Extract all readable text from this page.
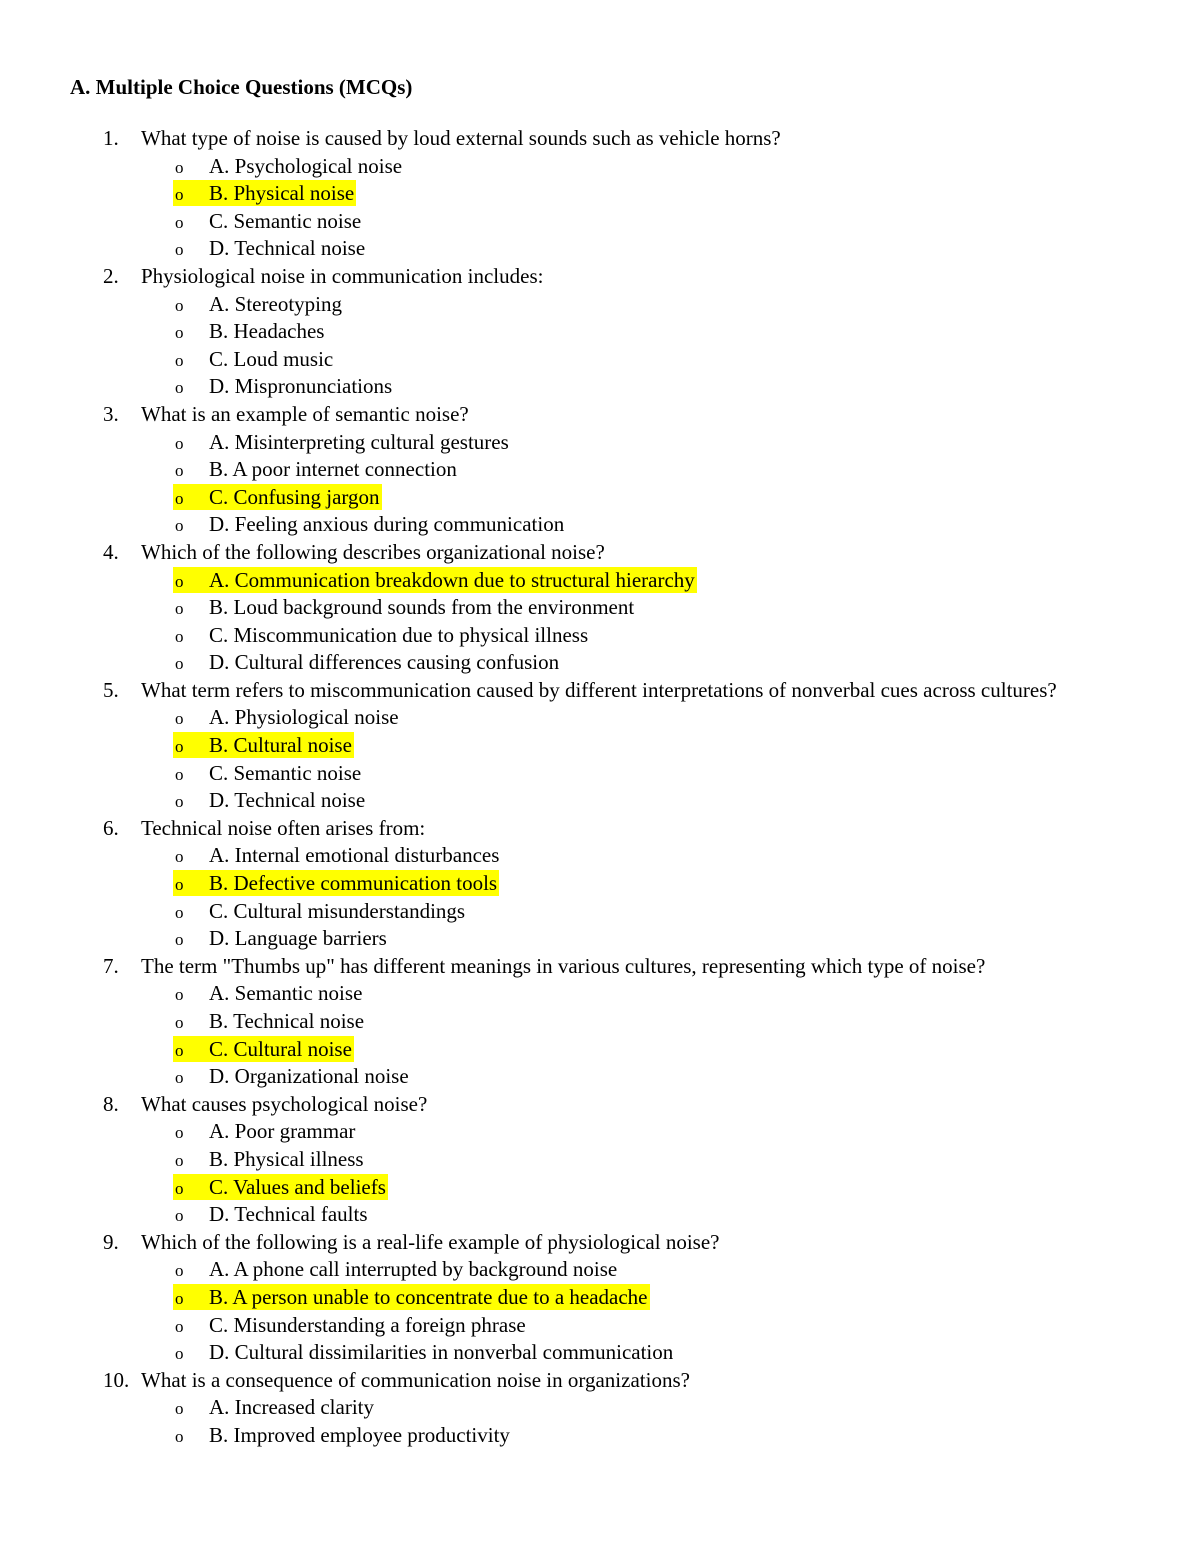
A. Multiple Choice Questions (MCQs)
1. What type of noise is caused by loud external sounds such as vehicle horns?
o A. Psychological noise
o B. Physical noise
o C. Semantic noise
o D. Technical noise
2. Physiological noise in communication includes:
o A. Stereotyping
o B. Headaches
o C. Loud music
o D. Mispronunciations
3. What is an example of semantic noise?
o A. Misinterpreting cultural gestures
o B. A poor internet connection
o C. Confusing jargon
o D. Feeling anxious during communication
4. Which of the following describes organizational noise?
o A. Communication breakdown due to structural hierarchy
o B. Loud background sounds from the environment
o C. Miscommunication due to physical illness
o D. Cultural differences causing confusion
5. What term refers to miscommunication caused by different interpretations of nonverbal cues across cultures?
o A. Physiological noise
o B. Cultural noise
o C. Semantic noise
o D. Technical noise
6. Technical noise often arises from:
o A. Internal emotional disturbances
o B. Defective communication tools
o C. Cultural misunderstandings
o D. Language barriers
7. The term "Thumbs up" has different meanings in various cultures, representing which type of noise?
o A. Semantic noise
o B. Technical noise
o C. Cultural noise
o D. Organizational noise
8. What causes psychological noise?
o A. Poor grammar
o B. Physical illness
o C. Values and beliefs
o D. Technical faults
9. Which of the following is a real-life example of physiological noise?
o A. A phone call interrupted by background noise
o B. A person unable to concentrate due to a headache
o C. Misunderstanding a foreign phrase
o D. Cultural dissimilarities in nonverbal communication
10. What is a consequence of communication noise in organizations?
o A. Increased clarity
o B. Improved employee productivity
